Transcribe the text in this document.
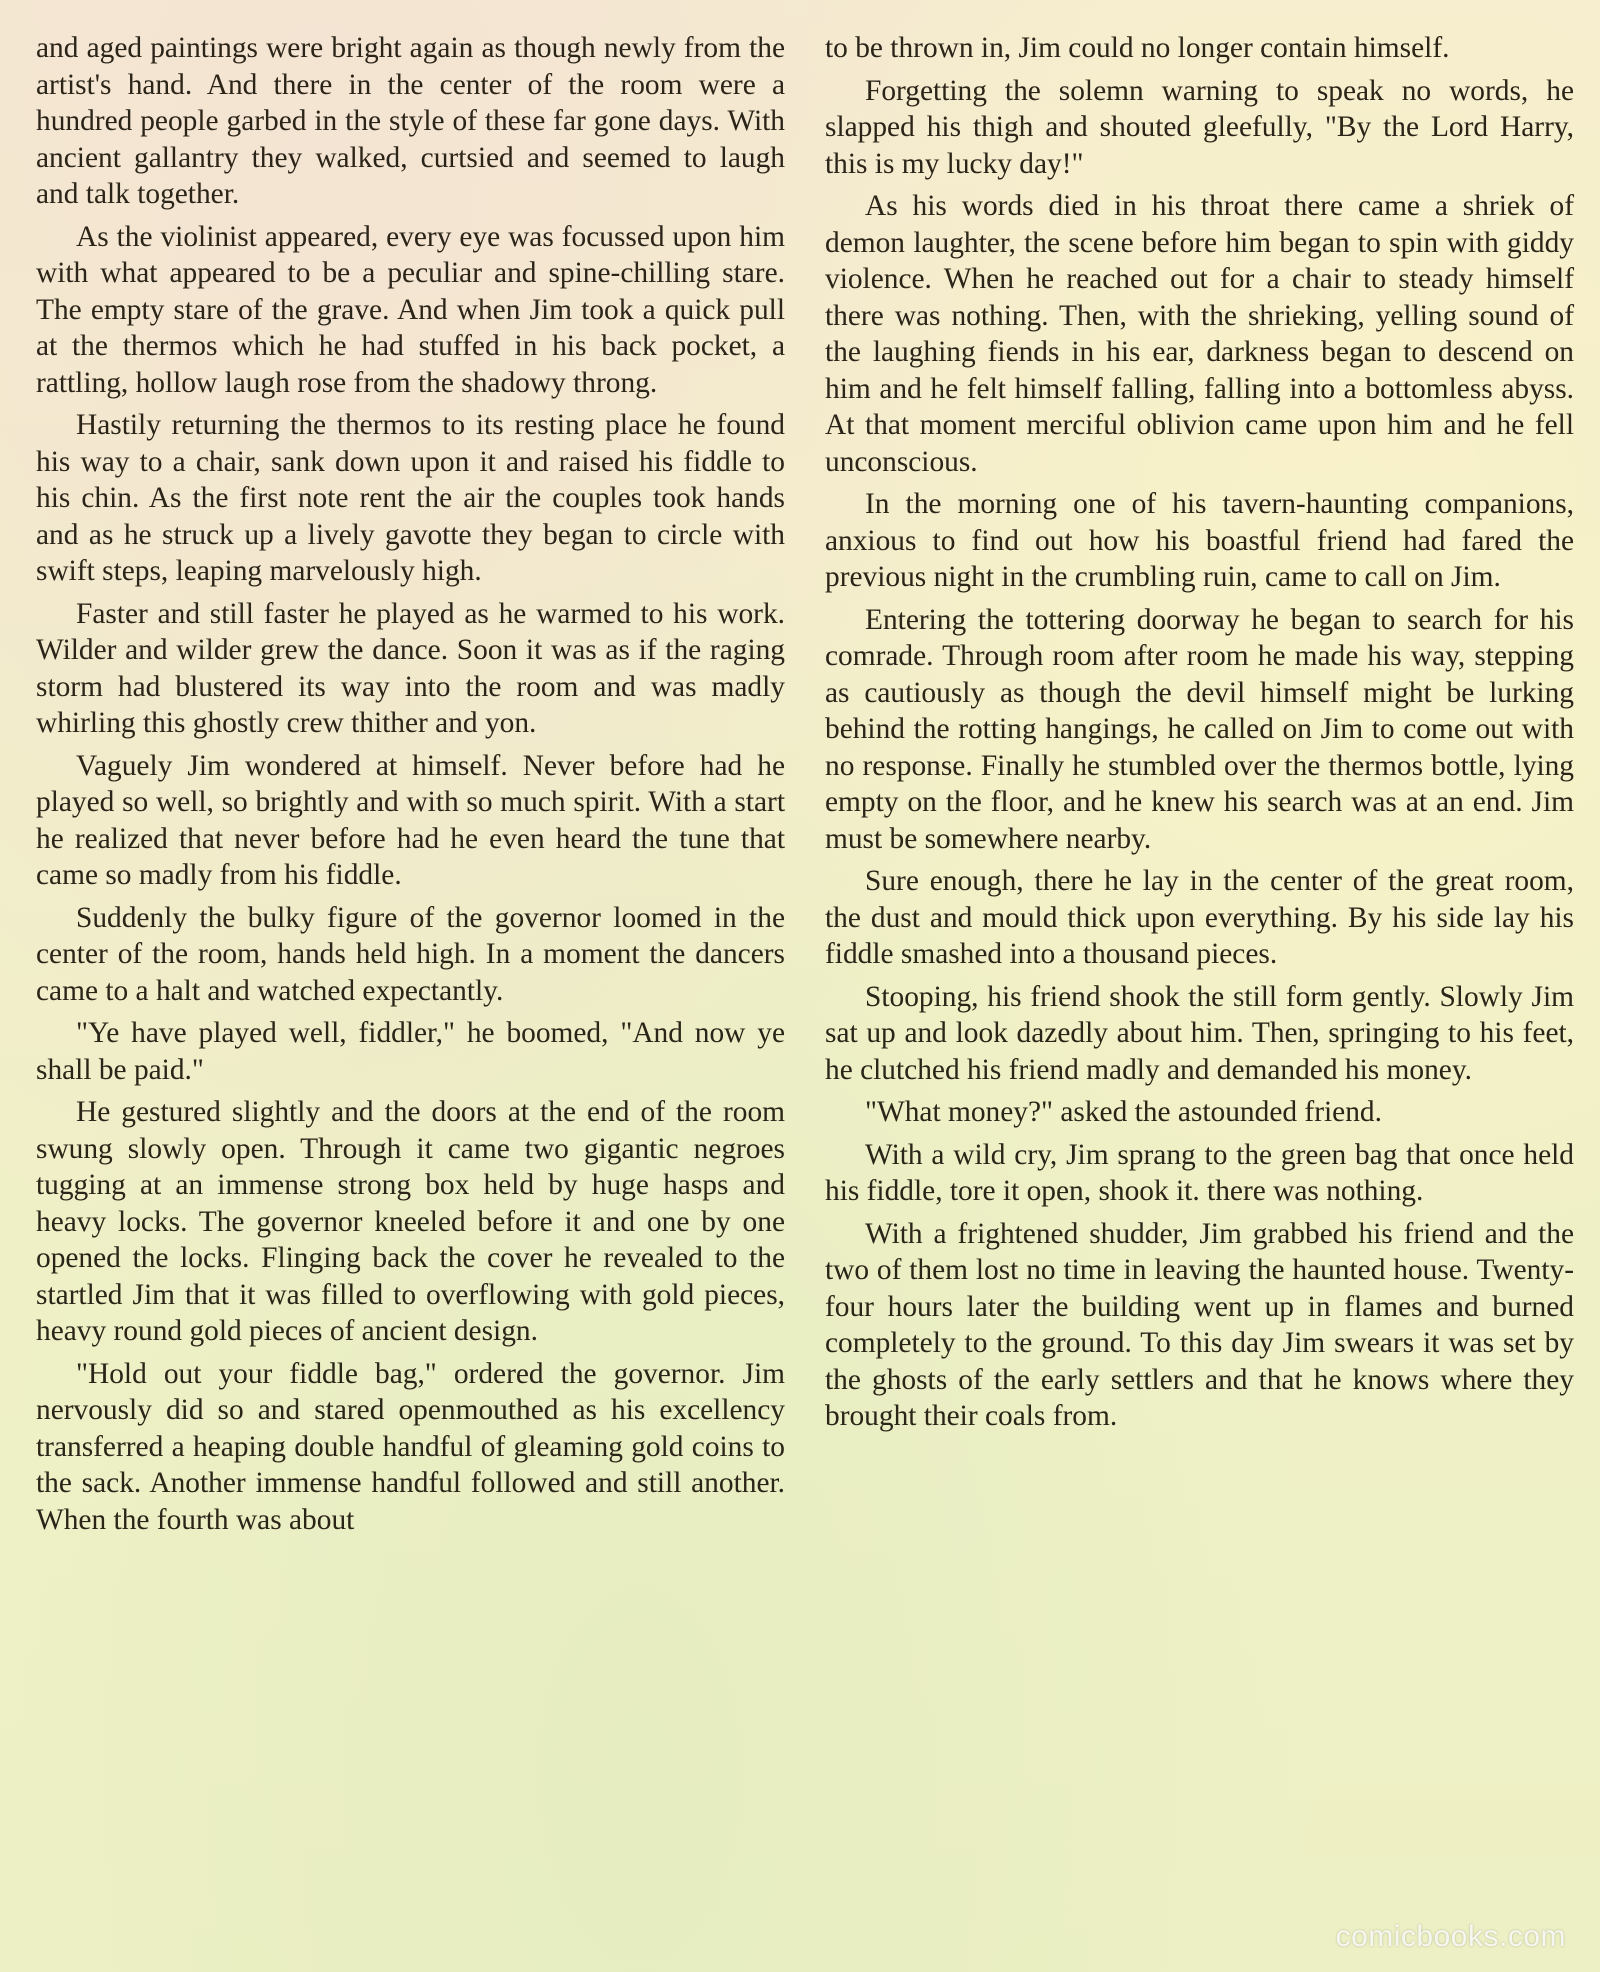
and aged paintings were bright again as though newly from the artist's hand. And there in the center of the room were a hundred people garbed in the style of these far gone days. With ancient gallantry they walked, curtsied and seemed to laugh and talk together.

As the violinist appeared, every eye was focussed upon him with what appeared to be a peculiar and spine-chilling stare. The empty stare of the grave. And when Jim took a quick pull at the thermos which he had stuffed in his back pocket, a rattling, hollow laugh rose from the shadowy throng.

Hastily returning the thermos to its resting place he found his way to a chair, sank down upon it and raised his fiddle to his chin. As the first note rent the air the couples took hands and as he struck up a lively gavotte they began to circle with swift steps, leaping marvelously high.

Faster and still faster he played as he warmed to his work. Wilder and wilder grew the dance. Soon it was as if the raging storm had blustered its way into the room and was madly whirling this ghostly crew thither and yon.

Vaguely Jim wondered at himself. Never before had he played so well, so brightly and with so much spirit. With a start he realized that never before had he even heard the tune that came so madly from his fiddle.

Suddenly the bulky figure of the governor loomed in the center of the room, hands held high. In a moment the dancers came to a halt and watched expectantly.

"Ye have played well, fiddler," he boomed, "And now ye shall be paid."

He gestured slightly and the doors at the end of the room swung slowly open. Through it came two gigantic negroes tugging at an immense strong box held by huge hasps and heavy locks. The governor kneeled before it and one by one opened the locks. Flinging back the cover he revealed to the startled Jim that it was filled to overflowing with gold pieces, heavy round gold pieces of ancient design.

"Hold out your fiddle bag," ordered the governor. Jim nervously did so and stared openmouthed as his excellency transferred a heaping double handful of gleaming gold coins to the sack. Another immense handful followed and still another. When the fourth was about

to be thrown in, Jim could no longer contain himself.

Forgetting the solemn warning to speak no words, he slapped his thigh and shouted gleefully, "By the Lord Harry, this is my lucky day!"

As his words died in his throat there came a shriek of demon laughter, the scene before him began to spin with giddy violence. When he reached out for a chair to steady himself there was nothing. Then, with the shrieking, yelling sound of the laughing fiends in his ear, darkness began to descend on him and he felt himself falling, falling into a bottomless abyss. At that moment merciful oblivion came upon him and he fell unconscious.

In the morning one of his tavern-haunting companions, anxious to find out how his boastful friend had fared the previous night in the crumbling ruin, came to call on Jim.

Entering the tottering doorway he began to search for his comrade. Through room after room he made his way, stepping as cautiously as though the devil himself might be lurking behind the rotting hangings, he called on Jim to come out with no response. Finally he stumbled over the thermos bottle, lying empty on the floor, and he knew his search was at an end. Jim must be somewhere nearby.

Sure enough, there he lay in the center of the great room, the dust and mould thick upon everything. By his side lay his fiddle smashed into a thousand pieces.

Stooping, his friend shook the still form gently. Slowly Jim sat up and look dazedly about him. Then, springing to his feet, he clutched his friend madly and demanded his money.

"What money?" asked the astounded friend.

With a wild cry, Jim sprang to the green bag that once held his fiddle, tore it open, shook it. there was nothing.

With a frightened shudder, Jim grabbed his friend and the two of them lost no time in leaving the haunted house. Twenty-four hours later the building went up in flames and burned completely to the ground. To this day Jim swears it was set by the ghosts of the early settlers and that he knows where they brought their coals from.

comicbooks.com
